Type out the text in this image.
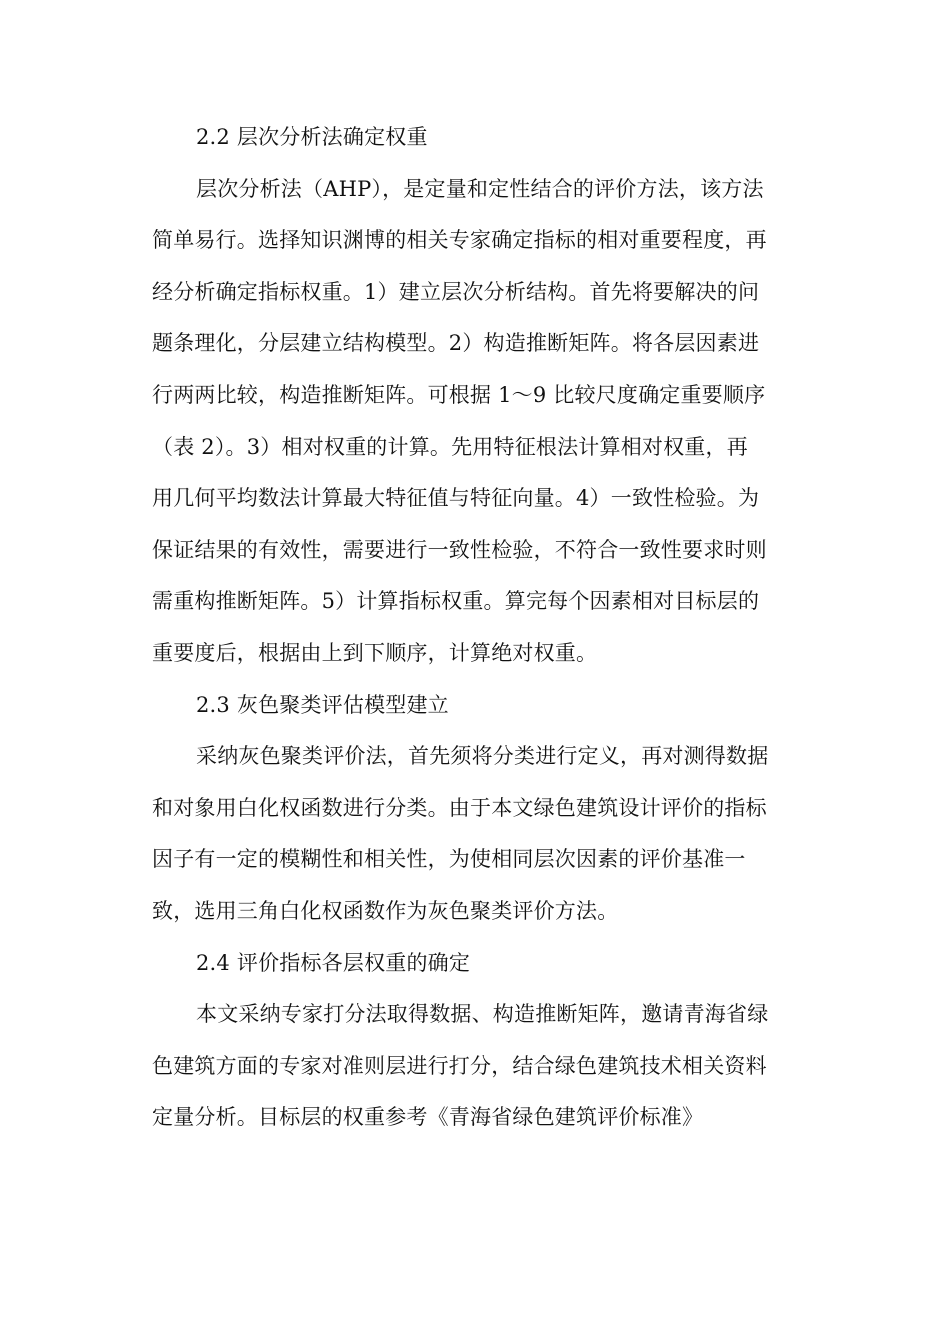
2.2 层次分析法确定权重
层次分析法（AHP），是定量和定性结合的评价方法，该方法
简单易行。选择知识渊博的相关专家确定指标的相对重要程度，再
经分析确定指标权重。1）建立层次分析结构。首先将要解决的问
题条理化，分层建立结构模型。2）构造推断矩阵。将各层因素进
行两两比较，构造推断矩阵。可根据 1～9 比较尺度确定重要顺序
（表 2）。3）相对权重的计算。先用特征根法计算相对权重，再
用几何平均数法计算最大特征值与特征向量。4）一致性检验。为
保证结果的有效性，需要进行一致性检验，不符合一致性要求时则
需重构推断矩阵。5）计算指标权重。算完每个因素相对目标层的
重要度后，根据由上到下顺序，计算绝对权重。
2.3 灰色聚类评估模型建立
采纳灰色聚类评价法，首先须将分类进行定义，再对测得数据
和对象用白化权函数进行分类。由于本文绿色建筑设计评价的指标
因子有一定的模糊性和相关性，为使相同层次因素的评价基准一
致，选用三角白化权函数作为灰色聚类评价方法。
2.4 评价指标各层权重的确定
本文采纳专家打分法取得数据、构造推断矩阵，邀请青海省绿
色建筑方面的专家对准则层进行打分，结合绿色建筑技术相关资料
定量分析。目标层的权重参考《青海省绿色建筑评价标准》
